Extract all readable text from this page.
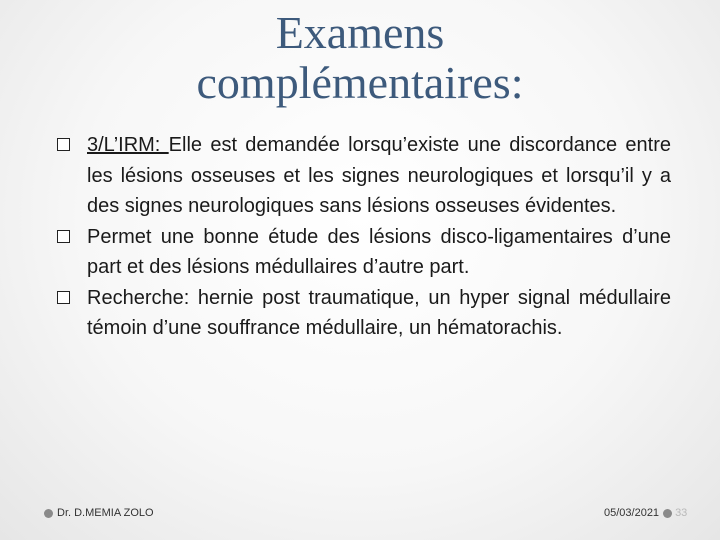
Examens
complémentaires:
3/L’IRM: Elle est demandée lorsqu’existe une discordance entre les lésions osseuses et les signes neurologiques et lorsqu’il y a des signes neurologiques sans lésions osseuses évidentes.
Permet une bonne étude des lésions disco-ligamentaires d’une part et des lésions médullaires d’autre part.
Recherche: hernie post traumatique, un hyper signal médullaire témoin d’une souffrance médullaire, un hématorachis.
Dr. D.MEMIA ZOLO	05/03/2021 33
